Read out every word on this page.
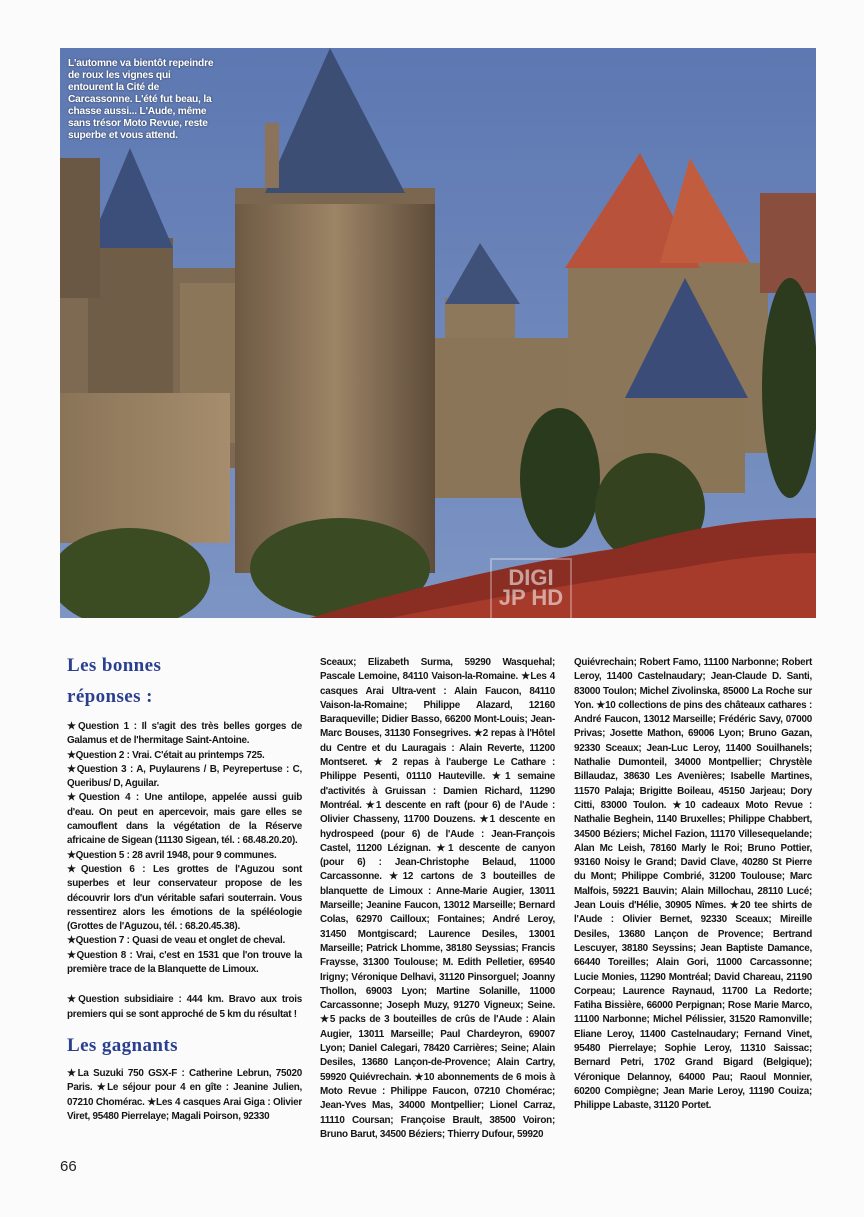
L'automne va bientôt repeindre de roux les vignes qui entourent la Cité de Carcassonne. L'été fut beau, la chasse aussi... L'Aude, même sans trésor Moto Revue, reste superbe et vous attend.
DIGI JP HD
Les bonnes
réponses :

★Question 1 : Il s'agit des très belles gorges de Galamus et de l'hermitage Saint-Antoine.

★Question 2 : Vrai. C'était au printemps 725.

★Question 3 : A, Puylaurens / B, Peyrepertuse : C, Queribus/ D, Aguilar.

★Question 4 : Une antilope, appelée aussi guib d'eau. On peut en apercevoir, mais gare elles se camouflent dans la végétation de la Réserve africaine de Sigean (11130 Sigean, tél. : 68.48.20.20).

★Question 5 : 28 avril 1948, pour 9 communes.

★Question 6 : Les grottes de l'Aguzou sont superbes et leur conservateur propose de les découvrir lors d'un véritable safari souterrain. Vous ressentirez alors les émotions de la spéléologie (Grottes de l'Aguzou, tél. : 68.20.45.38).

★Question 7 : Quasi de veau et onglet de cheval.

★Question 8 : Vrai, c'est en 1531 que l'on trouve la première trace de la Blanquette de Limoux.

★Question subsidiaire : 444 km. Bravo aux trois premiers qui se sont approché de 5 km du résultat !

Les gagnants

★La Suzuki 750 GSX-F : Catherine Lebrun, 75020 Paris. ★Le séjour pour 4 en gîte : Jeanine Julien, 07210 Chomérac. ★Les 4 casques Arai Giga : Olivier Viret, 95480 Pierrelaye; Magali Poirson, 92330

Sceaux; Elizabeth Surma, 59290 Wasquehal; Pascale Lemoine, 84110 Vaison-la-Romaine. ★Les 4 casques Arai Ultra-vent : Alain Faucon, 84110 Vaison-la-Romaine; Philippe Alazard, 12160 Baraqueville; Didier Basso, 66200 Mont-Louis; Jean-Marc Bouses, 31130 Fonsegrives. ★2 repas à l'Hôtel du Centre et du Lauragais : Alain Reverte, 11200 Montseret. ★ 2 repas à l'auberge Le Cathare : Philippe Pesenti, 01110 Hauteville. ★1 semaine d'activités à Gruissan : Damien Richard, 11290 Montréal. ★1 descente en raft (pour 6) de l'Aude : Olivier Chasseny, 11700 Douzens. ★1 descente en hydrospeed (pour 6) de l'Aude : Jean-François Castel, 11200 Lézignan. ★1 descente de canyon (pour 6) : Jean-Christophe Belaud, 11000 Carcassonne. ★12 cartons de 3 bouteilles de blanquette de Limoux : Anne-Marie Augier, 13011 Marseille; Jeanine Faucon, 13012 Marseille; Bernard Colas, 62970 Cailloux; Fontaines; André Leroy, 31450 Montgiscard; Laurence Desiles, 13001 Marseille; Patrick Lhomme, 38180 Seyssias; Francis Fraysse, 31300 Toulouse; M. Edith Pelletier, 69540 Irigny; Véronique Delhavi, 31120 Pinsorguel; Joanny Thollon, 69003 Lyon; Martine Solanille, 11000 Carcassonne; Joseph Muzy, 91270 Vigneux; Seine. ★5 packs de 3 bouteilles de crûs de l'Aude : Alain Augier, 13011 Marseille; Paul Chardeyron, 69007 Lyon; Daniel Calegari, 78420 Carrières; Seine; Alain Desiles, 13680 Lançon-de-Provence; Alain Cartry, 59920 Quiévrechain. ★10 abonnements de 6 mois à Moto Revue : Philippe Faucon, 07210 Chomérac; Jean-Yves Mas, 34000 Montpellier; Lionel Carraz, 11110 Coursan; Françoise Brault, 38500 Voiron; Bruno Barut, 34500 Béziers; Thierry Dufour, 59920

Quiévrechain; Robert Famo, 11100 Narbonne; Robert Leroy, 11400 Castelnaudary; Jean-Claude D. Santi, 83000 Toulon; Michel Zivolinska, 85000 La Roche sur Yon. ★10 collections de pins des châteaux cathares : André Faucon, 13012 Marseille; Frédéric Savy, 07000 Privas; Josette Mathon, 69006 Lyon; Bruno Gazan, 92330 Sceaux; Jean-Luc Leroy, 11400 Souilhanels; Nathalie Dumonteil, 34000 Montpellier; Chrystèle Billaudaz, 38630 Les Avenières; Isabelle Martines, 11570 Palaja; Brigitte Boileau, 45150 Jarjeau; Dory Citti, 83000 Toulon. ★10 cadeaux Moto Revue : Nathalie Beghein, 1140 Bruxelles; Philippe Chabbert, 34500 Béziers; Michel Fazion, 11170 Villesequelande; Alan Mc Leish, 78160 Marly le Roi; Bruno Pottier, 93160 Noisy le Grand; David Clave, 40280 St Pierre du Mont; Philippe Combrié, 31200 Toulouse; Marc Malfois, 59221 Bauvin; Alain Millochau, 28110 Lucé; Jean Louis d'Hélie, 30905 Nîmes. ★20 tee shirts de l'Aude : Olivier Bernet, 92330 Sceaux; Mireille Desiles, 13680 Lançon de Provence; Bertrand Lescuyer, 38180 Seyssins; Jean Baptiste Damance, 66440 Toreilles; Alain Gori, 11000 Carcassonne; Lucie Monies, 11290 Montréal; David Chareau, 21190 Corpeau; Laurence Raynaud, 11700 La Redorte; Fatiha Bissière, 66000 Perpignan; Rose Marie Marco, 11100 Narbonne; Michel Pélissier, 31520 Ramonville; Eliane Leroy, 11400 Castelnaudary; Fernand Vinet, 95480 Pierrelaye; Sophie Leroy, 11310 Saissac; Bernard Petri, 1702 Grand Bigard (Belgique); Véronique Delannoy, 64000 Pau; Raoul Monnier, 60200 Compiègne; Jean Marie Leroy, 11190 Couiza; Philippe Labaste, 31120 Portet.

66
